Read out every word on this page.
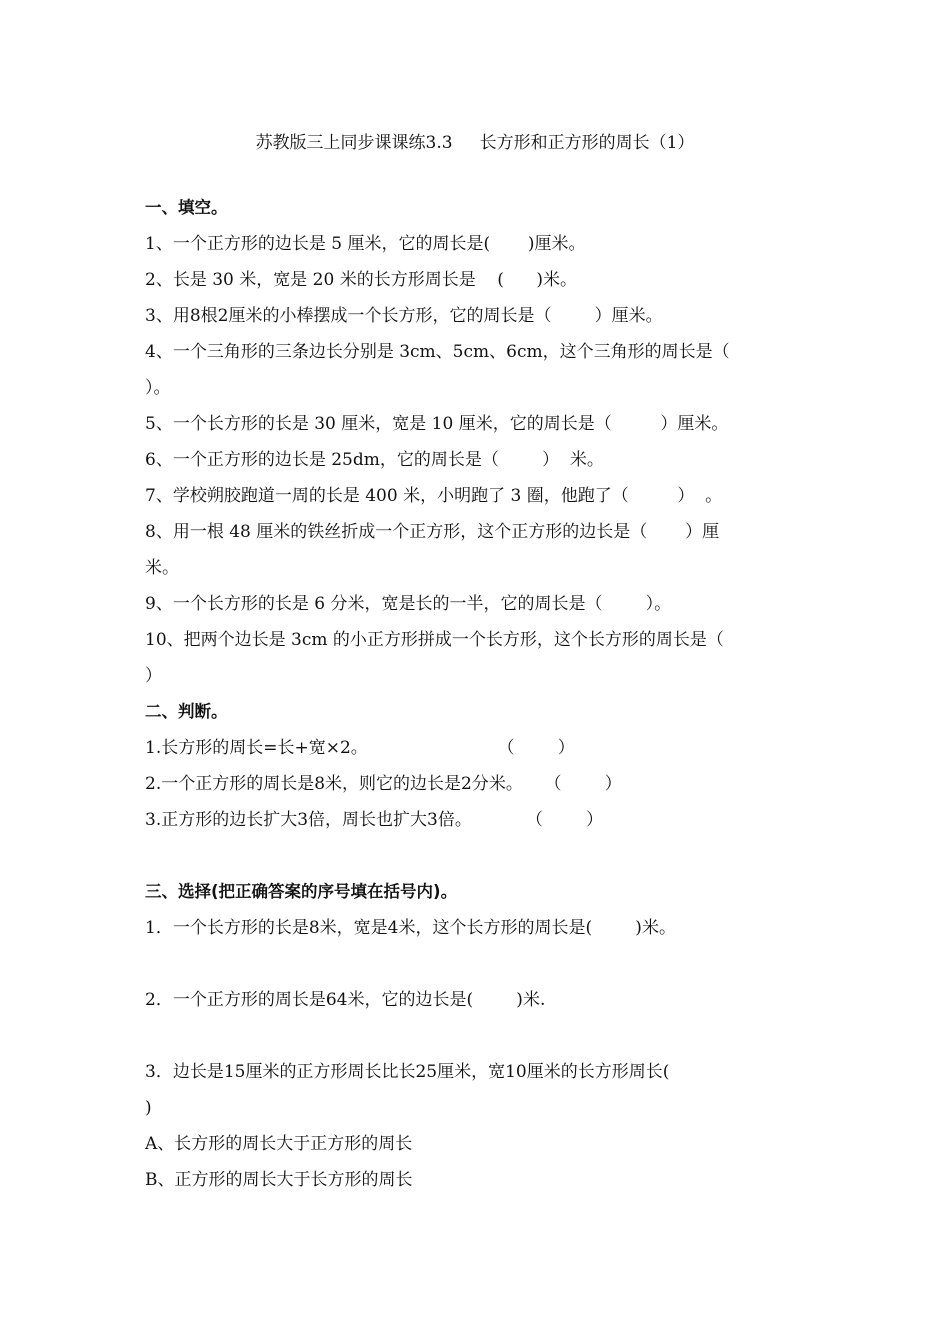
苏教版三上同步课课练3.3     长方形和正方形的周长（1）
一、填空。
1、一个正方形的边长是 5 厘米，它的周长是(       )厘米。
2、长是 30 米，宽是 20 米的长方形周长是    (      )米。
3、用8根2厘米的小棒摆成一个长方形，它的周长是（        ）厘米。
4、一个三角形的三条边长分别是 3cm、5cm、6cm，这个三角形的周长是（
）。
5、一个长方形的长是 30 厘米，宽是 10 厘米，它的周长是（         ）厘米。
6、一个正方形的边长是 25dm，它的周长是（        ）  米。
7、学校朔胶跑道一周的长是 400 米，小明跑了 3 圈，他跑了（         ）  。
8、用一根 48 厘米的铁丝折成一个正方形，这个正方形的边长是（       ）厘
米。
9、一个长方形的长是 6 分米，宽是长的一半，它的周长是（        ）。
10、把两个边长是 3cm 的小正方形拼成一个长方形，这个长方形的周长是（
）
二、判断。
1.长方形的周长=长+宽×2。                        （        ）
2.一个正方形的周长是8米，则它的边长是2分米。    （        ）
3.正方形的边长扩大3倍，周长也扩大3倍。          （        ）
三、选择(把正确答案的序号填在括号内)。
1．一个长方形的长是8米，宽是4米，这个长方形的周长是(        )米。

2．一个正方形的周长是64米，它的边长是(        )米.

3．边长是15厘米的正方形周长比长25厘米，宽10厘米的长方形周长(
)
A、长方形的周长大于正方形的周长
B、正方形的周长大于长方形的周长
